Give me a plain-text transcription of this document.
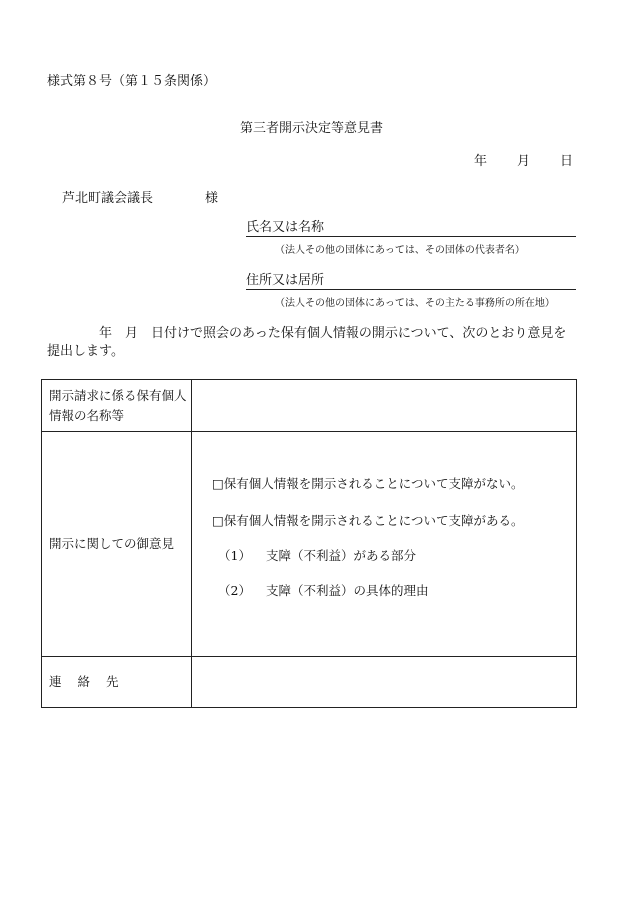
様式第８号（第１５条関係）
第三者開示決定等意見書
年 月 日
芦北町議会議長	様
氏名又は名称
（法人その他の団体にあっては、その団体の代表者名）
住所又は居所
（法人その他の団体にあっては、その主たる事務所の所在地）
年　月　日付けで照会のあった保有個人情報の開示について、次のとおり意見を提出します。
開示請求に係る保有個人情報の名称等	
開示に関しての御意見	□保有個人情報を開示されることについて支障がない。
□保有個人情報を開示されることについて支障がある。
（1） 支障（不利益）がある部分
（2） 支障（不利益）の具体的理由

連 絡 先	
